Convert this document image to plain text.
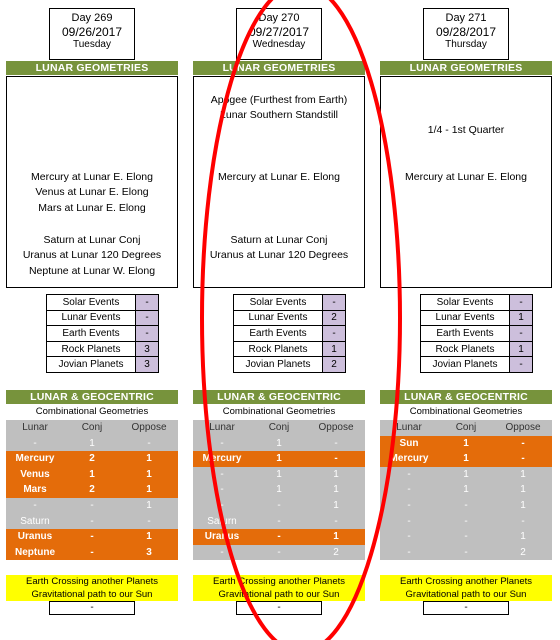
Day 269
09/26/2017
Tuesday
LUNAR GEOMETRIES
Mercury at Lunar E. Elong
Venus at Lunar E. Elong
Mars at Lunar E. Elong
Saturn at Lunar Conj
Uranus at Lunar 120 Degrees
Neptune at Lunar W. Elong
Solar Events	-
Lunar Events	-
Earth Events	-
Rock Planets	3
Jovian Planets	3
LUNAR & GEOCENTRIC
Combinational Geometries
Lunar	Conj	Oppose
-	1	-
Mercury	2	1
Venus	1	1
Mars	2	1
-	-	1
Saturn	-	-
Uranus	-	1
Neptune	-	3
Earth Crossing another Planets
Gravitational path to our Sun
-
Day 270
09/27/2017
Wednesday
LUNAR GEOMETRIES
Apogee (Furthest from Earth)
Lunar Southern Standstill
Mercury at Lunar E. Elong
Saturn at Lunar Conj
Uranus at Lunar 120 Degrees
Solar Events	-
Lunar Events	2
Earth Events	-
Rock Planets	1
Jovian Planets	2
LUNAR & GEOCENTRIC
Combinational Geometries
Lunar	Conj	Oppose
-	1	-
Mercury	1	-
-	1	1
-	1	1
-	-	1
Saturn	-	-
Uranus	-	1
-	-	2
Earth Crossing another Planets
Gravitational path to our Sun
-
Day 271
09/28/2017
Thursday
LUNAR GEOMETRIES
1/4 - 1st Quarter
Mercury at Lunar E. Elong
Solar Events	-
Lunar Events	1
Earth Events	-
Rock Planets	1
Jovian Planets	-
LUNAR & GEOCENTRIC
Combinational Geometries
Lunar	Conj	Oppose
Sun	1	-
Mercury	1	-
-	1	1
-	1	1
-	-	1
-	-	-
-	-	1
-	-	2
Earth Crossing another Planets
Gravitational path to our Sun
-
